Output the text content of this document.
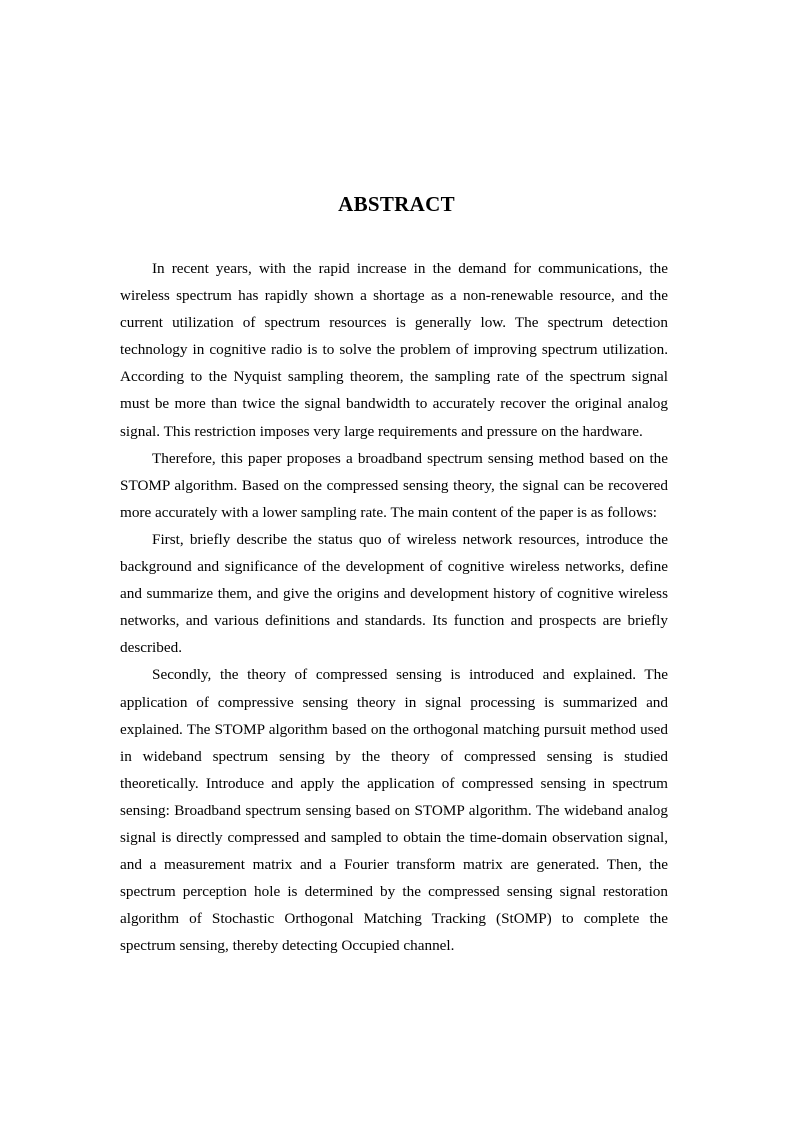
ABSTRACT

In recent years, with the rapid increase in the demand for communications, the wireless spectrum has rapidly shown a shortage as a non-renewable resource, and the current utilization of spectrum resources is generally low. The spectrum detection technology in cognitive radio is to solve the problem of improving spectrum utilization. According to the Nyquist sampling theorem, the sampling rate of the spectrum signal must be more than twice the signal bandwidth to accurately recover the original analog signal. This restriction imposes very large requirements and pressure on the hardware.

Therefore, this paper proposes a broadband spectrum sensing method based on the STOMP algorithm. Based on the compressed sensing theory, the signal can be recovered more accurately with a lower sampling rate. The main content of the paper is as follows:

First, briefly describe the status quo of wireless network resources, introduce the background and significance of the development of cognitive wireless networks, define and summarize them, and give the origins and development history of cognitive wireless networks, and various definitions and standards. Its function and prospects are briefly described.

Secondly, the theory of compressed sensing is introduced and explained. The application of compressive sensing theory in signal processing is summarized and explained. The STOMP algorithm based on the orthogonal matching pursuit method used in wideband spectrum sensing by the theory of compressed sensing is studied theoretically. Introduce and apply the application of compressed sensing in spectrum sensing: Broadband spectrum sensing based on STOMP algorithm. The wideband analog signal is directly compressed and sampled to obtain the time-domain observation signal, and a measurement matrix and a Fourier transform matrix are generated. Then, the spectrum perception hole is determined by the compressed sensing signal restoration algorithm of Stochastic Orthogonal Matching Tracking (StOMP) to complete the spectrum sensing, thereby detecting Occupied channel.
